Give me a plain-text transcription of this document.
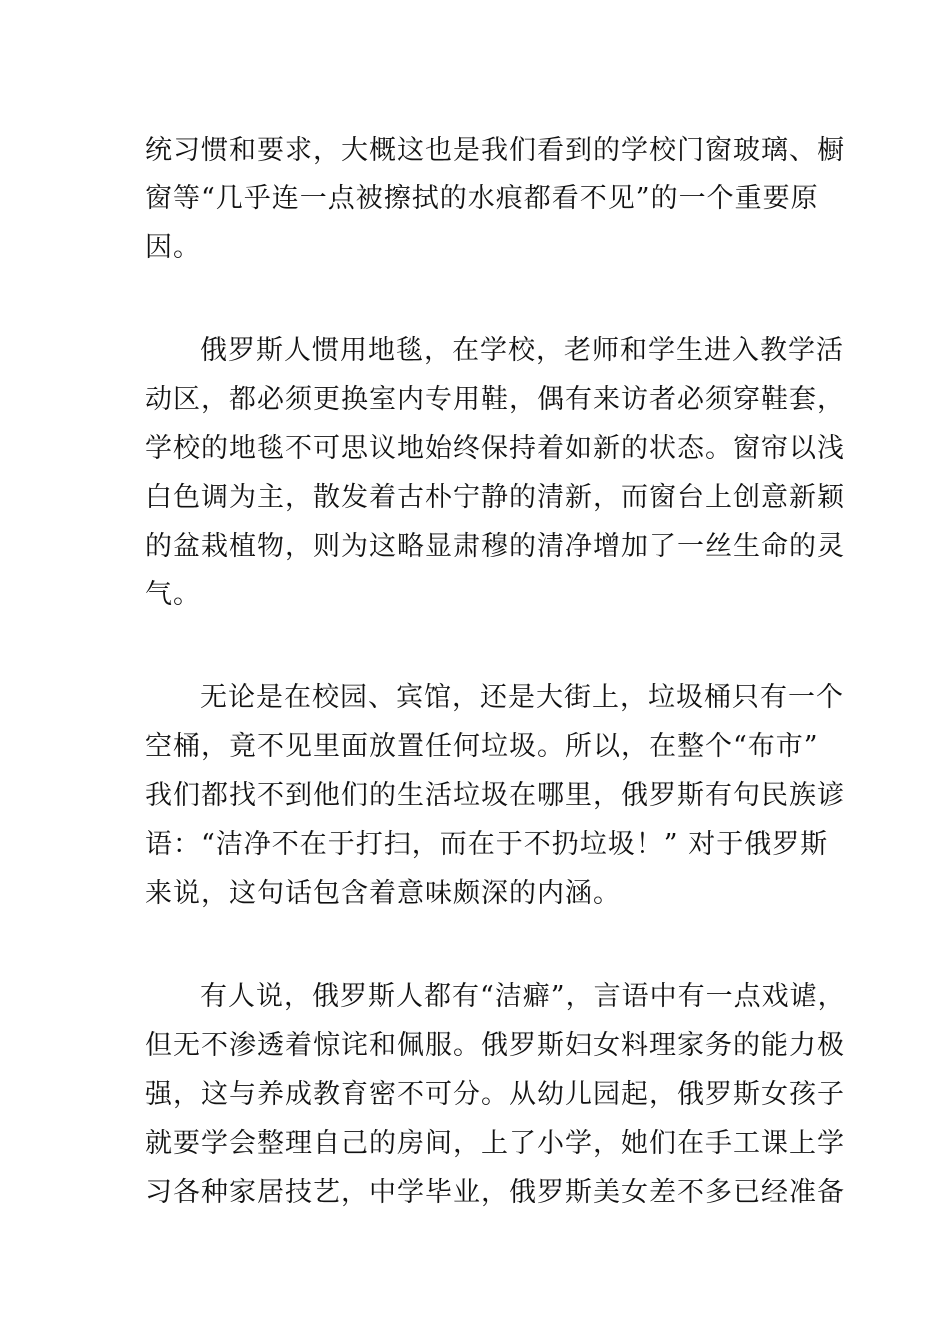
统习惯和要求，大概这也是我们看到的学校门窗玻璃、橱
窗等“几乎连一点被擦拭的水痕都看不见”的一个重要原
因。
俄罗斯人惯用地毯，在学校，老师和学生进入教学活
动区，都必须更换室内专用鞋，偶有来访者必须穿鞋套，
学校的地毯不可思议地始终保持着如新的状态。窗帘以浅
白色调为主，散发着古朴宁静的清新，而窗台上创意新颖
的盆栽植物，则为这略显肃穆的清净增加了一丝生命的灵
气。
无论是在校园、宾馆，还是大街上，垃圾桶只有一个
空桶，竟不见里面放置任何垃圾。所以，在整个“布市”
我们都找不到他们的生活垃圾在哪里，俄罗斯有句民族谚
语：“洁净不在于打扫，而在于不扔垃圾！” 对于俄罗斯
来说，这句话包含着意味颇深的内涵。
有人说，俄罗斯人都有“洁癖”，言语中有一点戏谑，
但无不渗透着惊诧和佩服。俄罗斯妇女料理家务的能力极
强，这与养成教育密不可分。从幼儿园起，俄罗斯女孩子
就要学会整理自己的房间，上了小学，她们在手工课上学
习各种家居技艺，中学毕业，俄罗斯美女差不多已经准备
